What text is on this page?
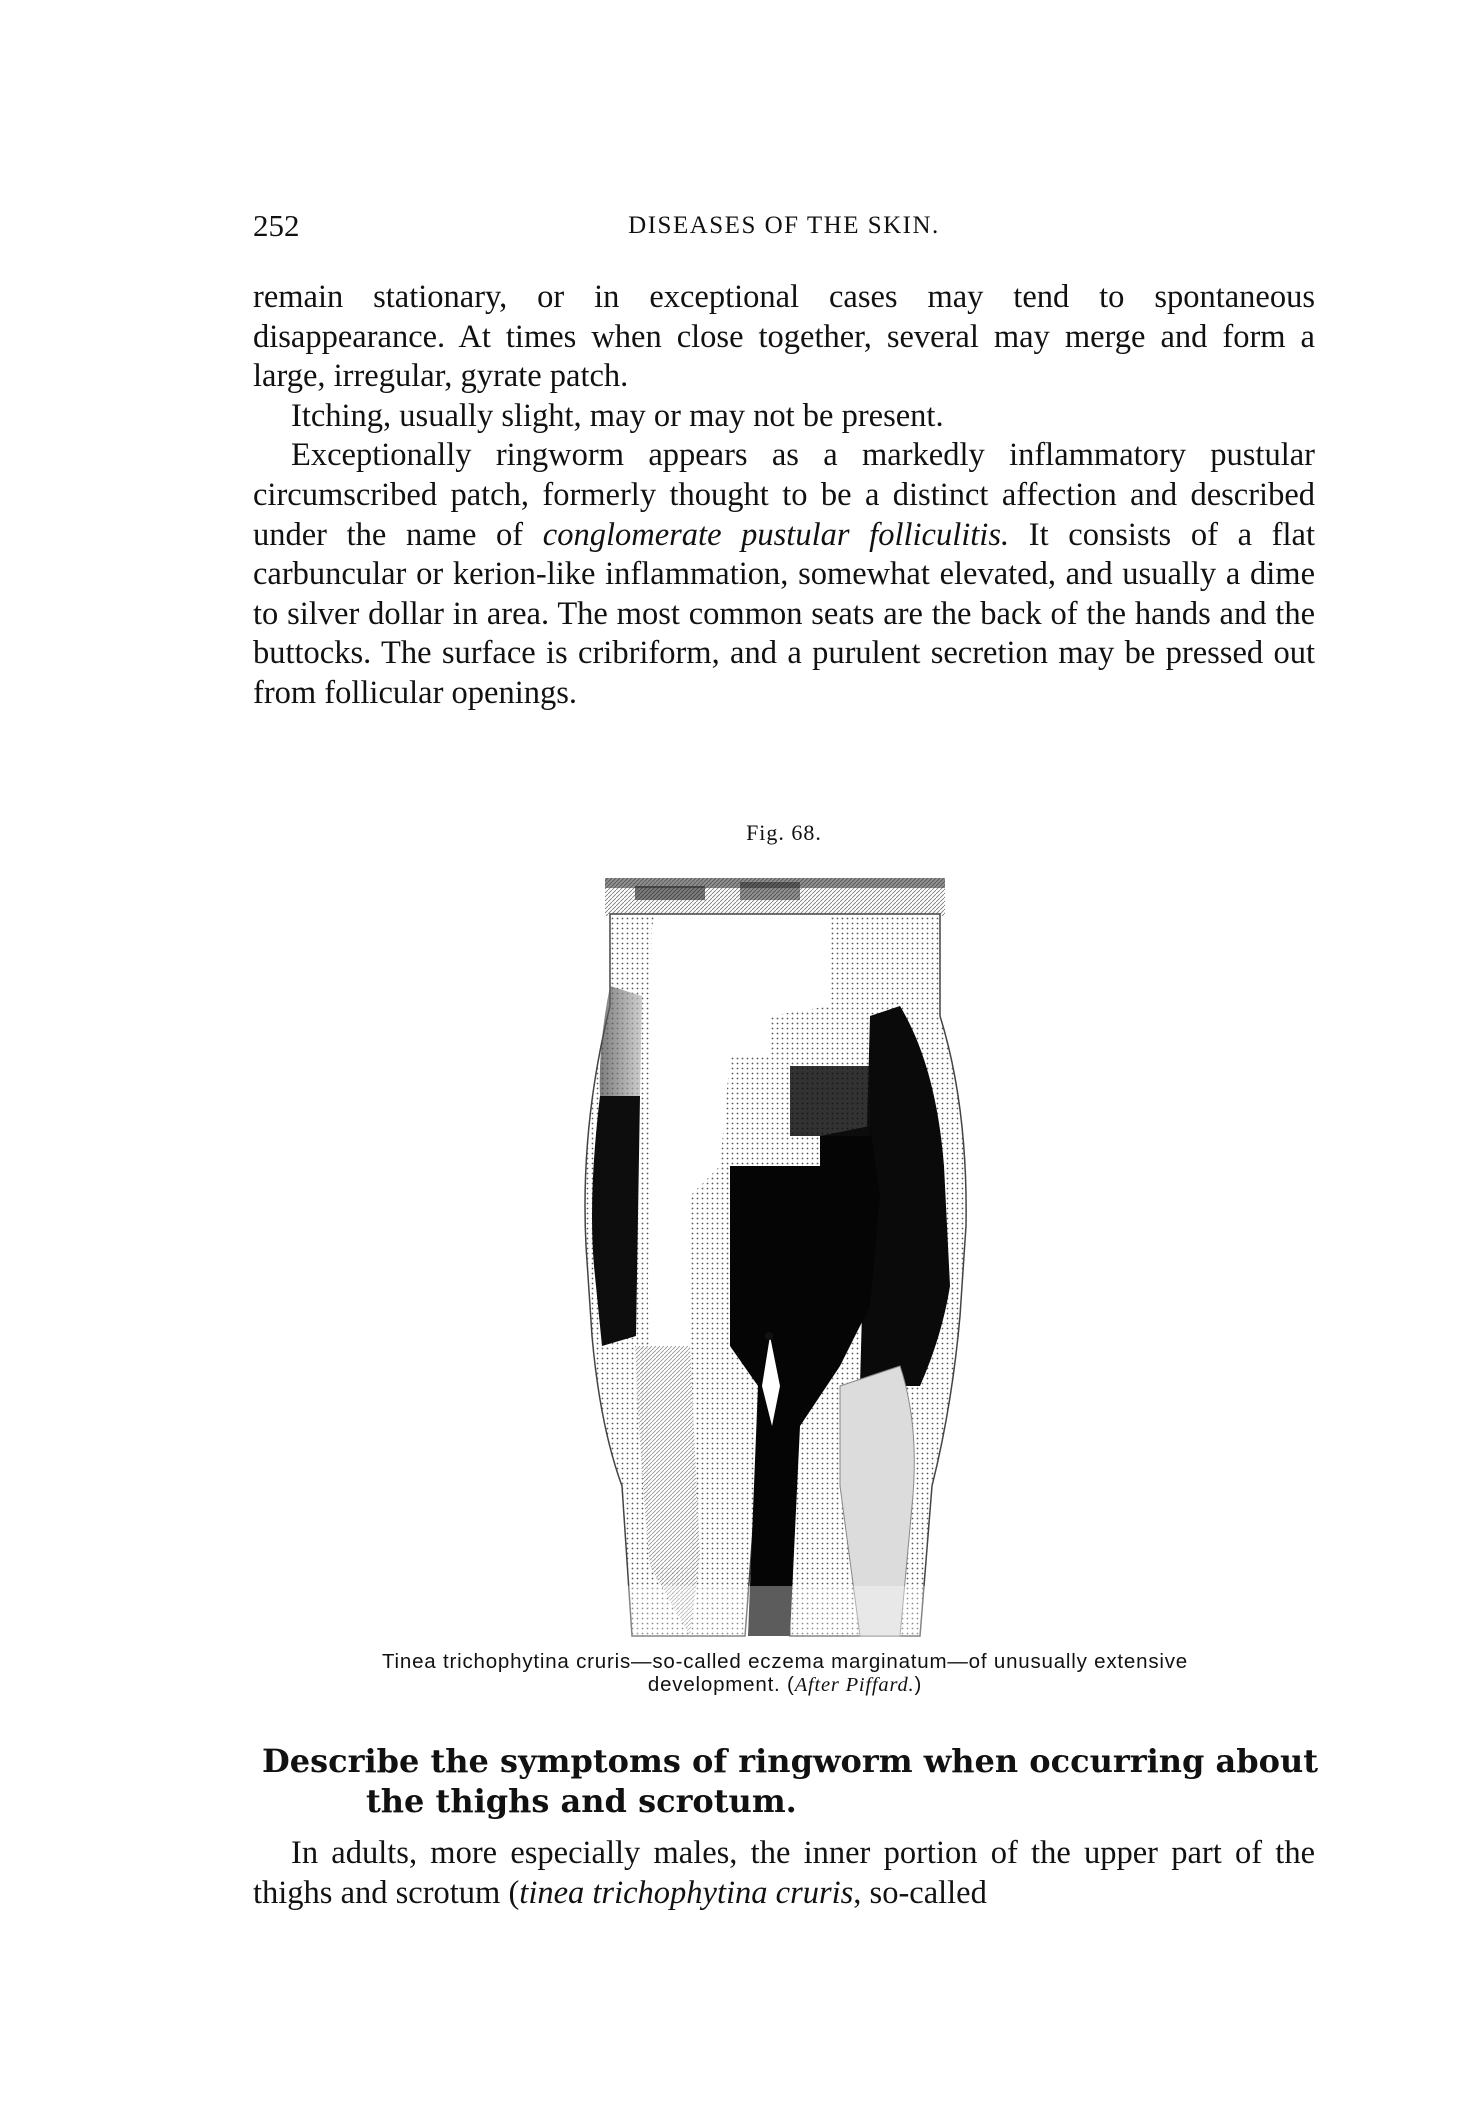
252	DISEASES OF THE SKIN.

remain stationary, or in exceptional cases may tend to spontaneous disappearance. At times when close together, several may merge and form a large, irregular, gyrate patch.

Itching, usually slight, may or may not be present.

Exceptionally ringworm appears as a markedly inflammatory pustular circumscribed patch, formerly thought to be a distinct affection and described under the name of conglomerate pustular folliculitis. It consists of a flat carbuncular or kerion-like inflammation, somewhat elevated, and usually a dime to silver dollar in area. The most common seats are the back of the hands and the buttocks. The surface is cribriform, and a purulent secretion may be pressed out from follicular openings.

Fig. 68.
Tinea trichophytina cruris—so-called eczema marginatum—of unusually extensive
development. (After Piffard.)
Describe the symptoms of ringworm when occurring about the thighs and scrotum.

In adults, more especially males, the inner portion of the upper part of the thighs and scrotum (tinea trichophytina cruris, so-called
